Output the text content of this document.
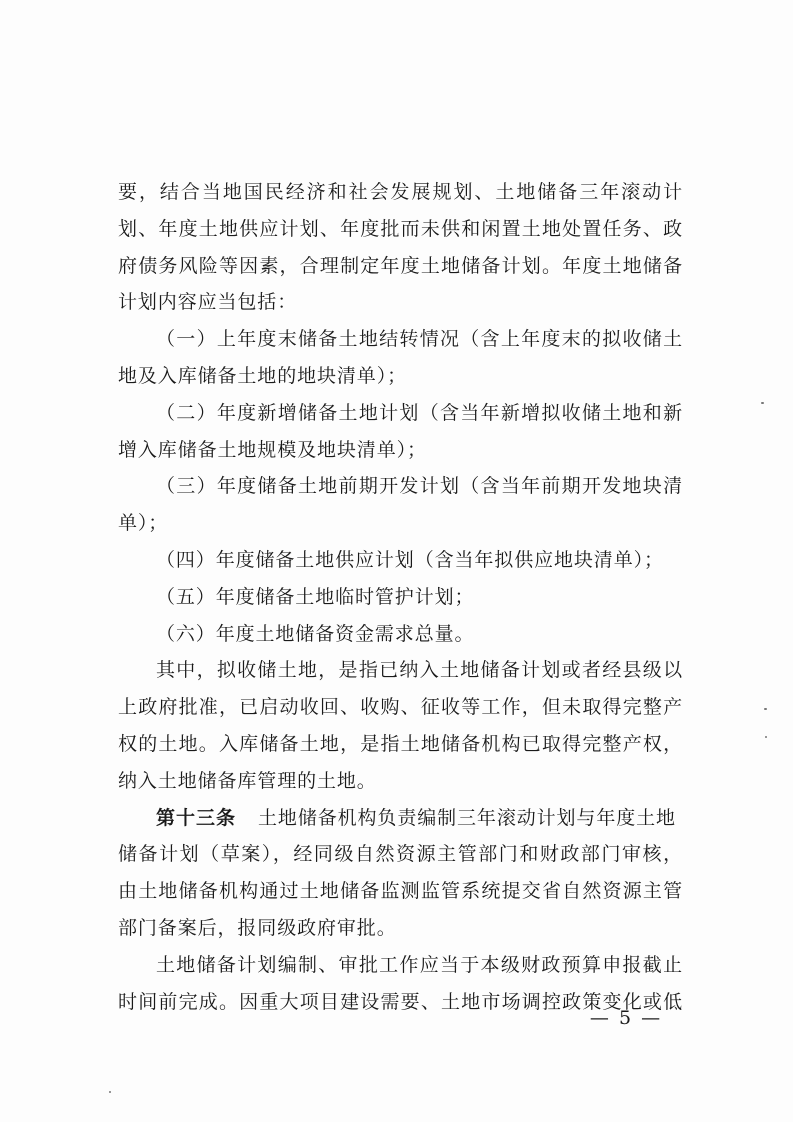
要，结合当地国民经济和社会发展规划、土地储备三年滚动计
划、年度土地供应计划、年度批而未供和闲置土地处置任务、政
府债务风险等因素，合理制定年度土地储备计划。年度土地储备
计划内容应当包括：
（一）上年度末储备土地结转情况（含上年度末的拟收储土
地及入库储备土地的地块清单）；
（二）年度新增储备土地计划（含当年新增拟收储土地和新
增入库储备土地规模及地块清单）；
（三）年度储备土地前期开发计划（含当年前期开发地块清
单）；
（四）年度储备土地供应计划（含当年拟供应地块清单）；
（五）年度储备土地临时管护计划；
（六）年度土地储备资金需求总量。
其中，拟收储土地，是指已纳入土地储备计划或者经县级以
上政府批准，已启动收回、收购、征收等工作，但未取得完整产
权的土地。入库储备土地，是指土地储备机构已取得完整产权，
纳入土地储备库管理的土地。
第十三条 土地储备机构负责编制三年滚动计划与年度土地
储备计划（草案），经同级自然资源主管部门和财政部门审核，
由土地储备机构通过土地储备监测监管系统提交省自然资源主管
部门备案后，报同级政府审批。
土地储备计划编制、审批工作应当于本级财政预算申报截止
时间前完成。因重大项目建设需要、土地市场调控政策变化或低
— 5 —
